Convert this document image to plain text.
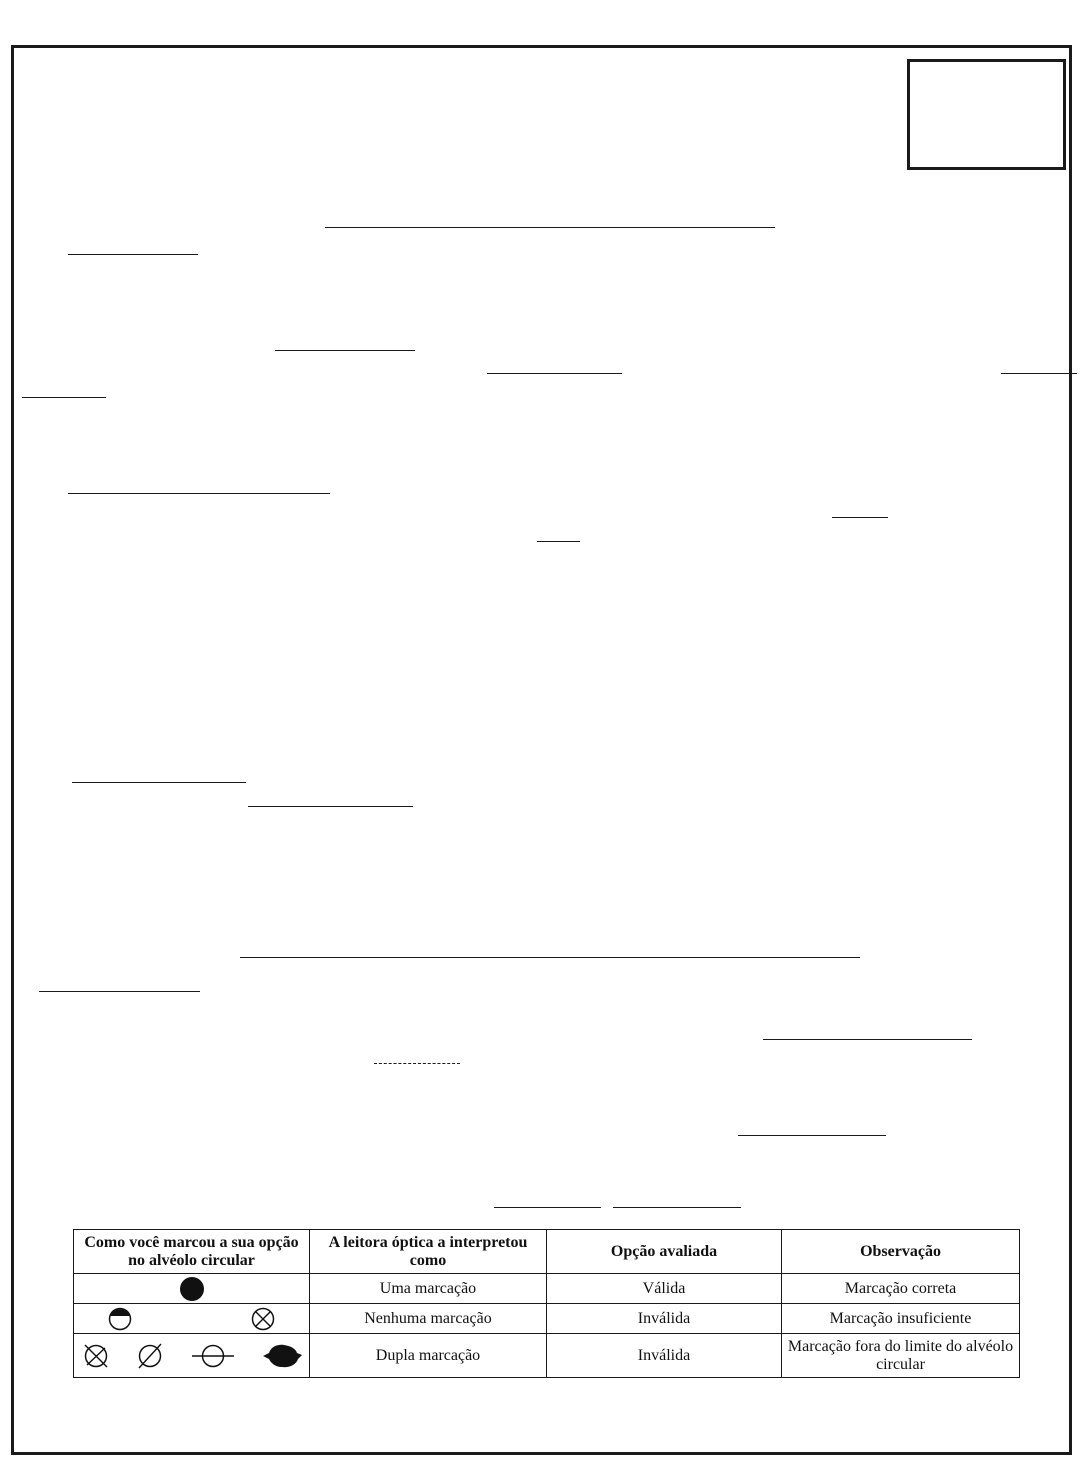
Como você marcou a sua opção no alvéolo circular	A leitora óptica a interpretou como	Opção avaliada	Observação

	Uma marcação	Válida	Marcação correta

	Nenhuma marcação	Inválida	Marcação insuficiente

	Dupla marcação	Inválida	Marcação fora do limite do alvéolo circular
